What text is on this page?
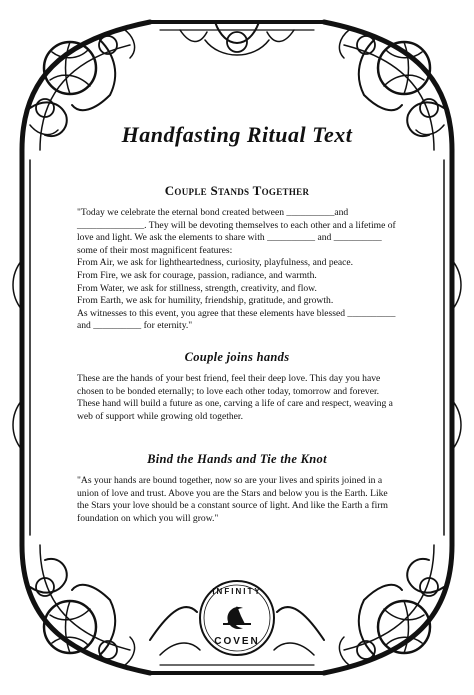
Handfasting Ritual Text
Couple Stands Together

"Today we celebrate the eternal bond created between __________and
______________. They will be devoting themselves to each other and a lifetime of
love and light. We ask the elements to share with __________ and __________
some of their most magnificent features:
From Air, we ask for lightheartedness, curiosity, playfulness, and peace.
From Fire, we ask for courage, passion, radiance, and warmth.
From Water, we ask for stillness, strength, creativity, and flow.
From Earth, we ask for humility, friendship, gratitude, and growth.
As witnesses to this event, you agree that these elements have blessed __________
and __________ for eternity."

Couple joins hands

These are the hands of your best friend, feel their deep love. This day you have
chosen to be bonded eternally; to love each other today, tomorrow and forever.
These hand will build a future as one, carving a life of care and respect, weaving a
web of support while growing old together.

Bind the Hands and Tie the Knot

"As your hands are bound together, now so are your lives and spirits joined in a
union of love and trust. Above you are the Stars and below you is the Earth. Like
the Stars your love should be a constant source of light. And like the Earth a firm
foundation on which you will grow."

INFINITY
COVEN
